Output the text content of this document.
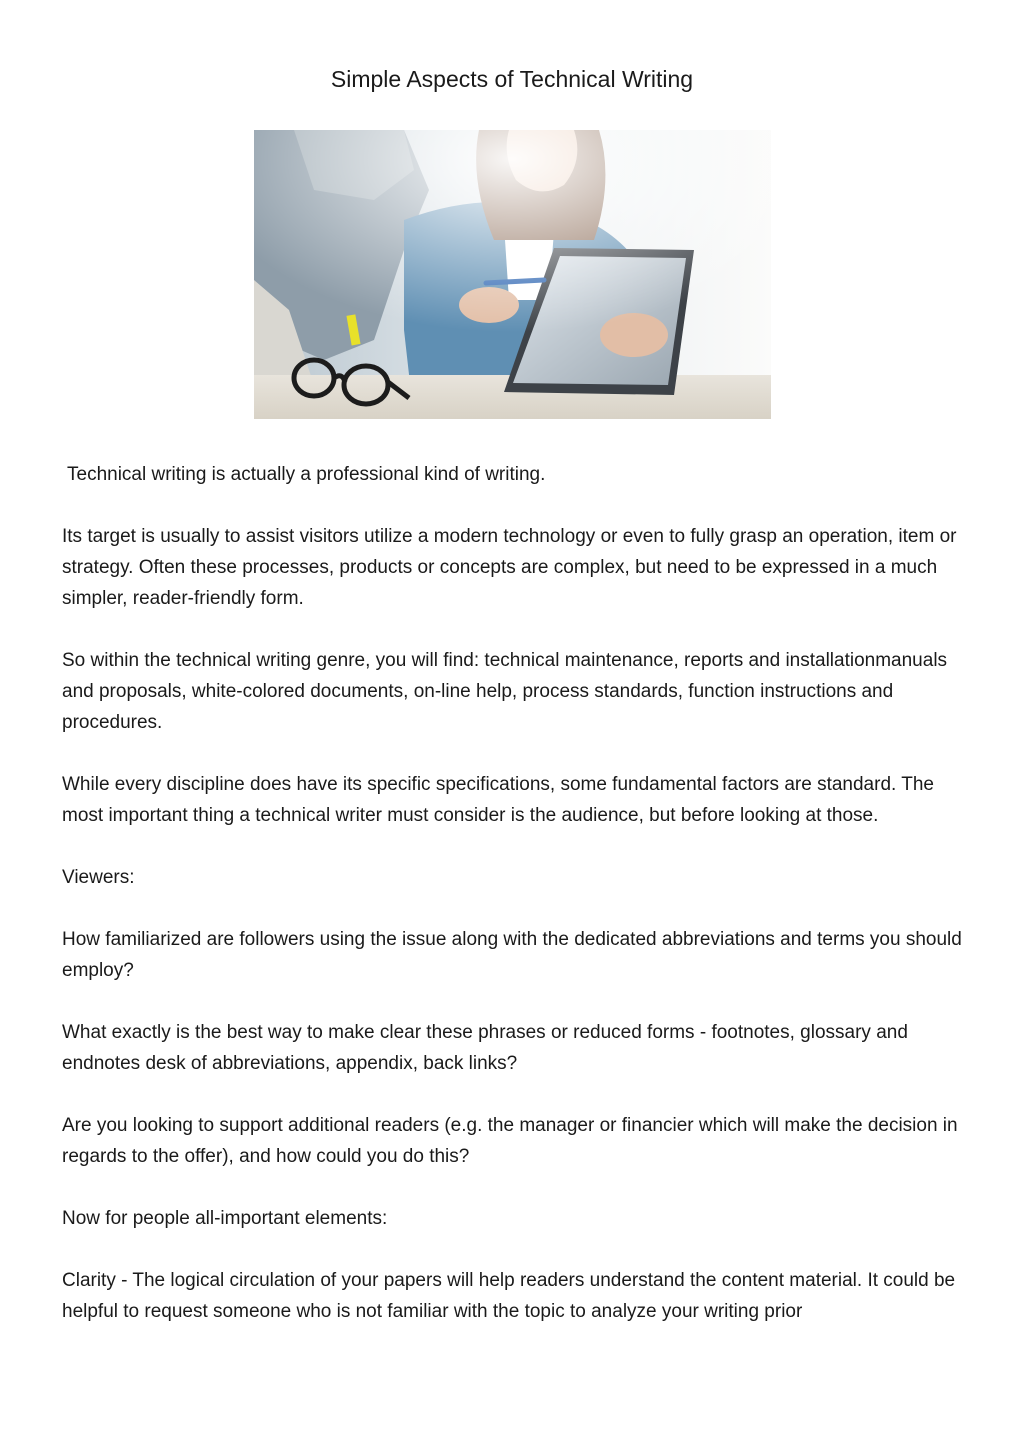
Simple Aspects of Technical Writing

Technical writing is actually a professional kind of writing.

Its target is usually to assist visitors utilize a modern technology or even to fully grasp an operation, item or strategy. Often these processes, products or concepts are complex, but need to be expressed in a much simpler, reader-friendly form.

So within the technical writing genre, you will find: technical maintenance, reports and installationmanuals and proposals, white-colored documents, on-line help, process standards, function instructions and procedures.

While every discipline does have its specific specifications, some fundamental factors are standard. The most important thing a technical writer must consider is the audience, but before looking at those.

Viewers:

How familiarized are followers using the issue along with the dedicated abbreviations and terms you should employ?

What exactly is the best way to make clear these phrases or reduced forms - footnotes, glossary and endnotes desk of abbreviations, appendix, back links?

Are you looking to support additional readers (e.g. the manager or financier which will make the decision in regards to the offer), and how could you do this?

Now for people all-important elements:

Clarity - The logical circulation of your papers will help readers understand the content material. It could be helpful to request someone who is not familiar with the topic to analyze your writing prior
